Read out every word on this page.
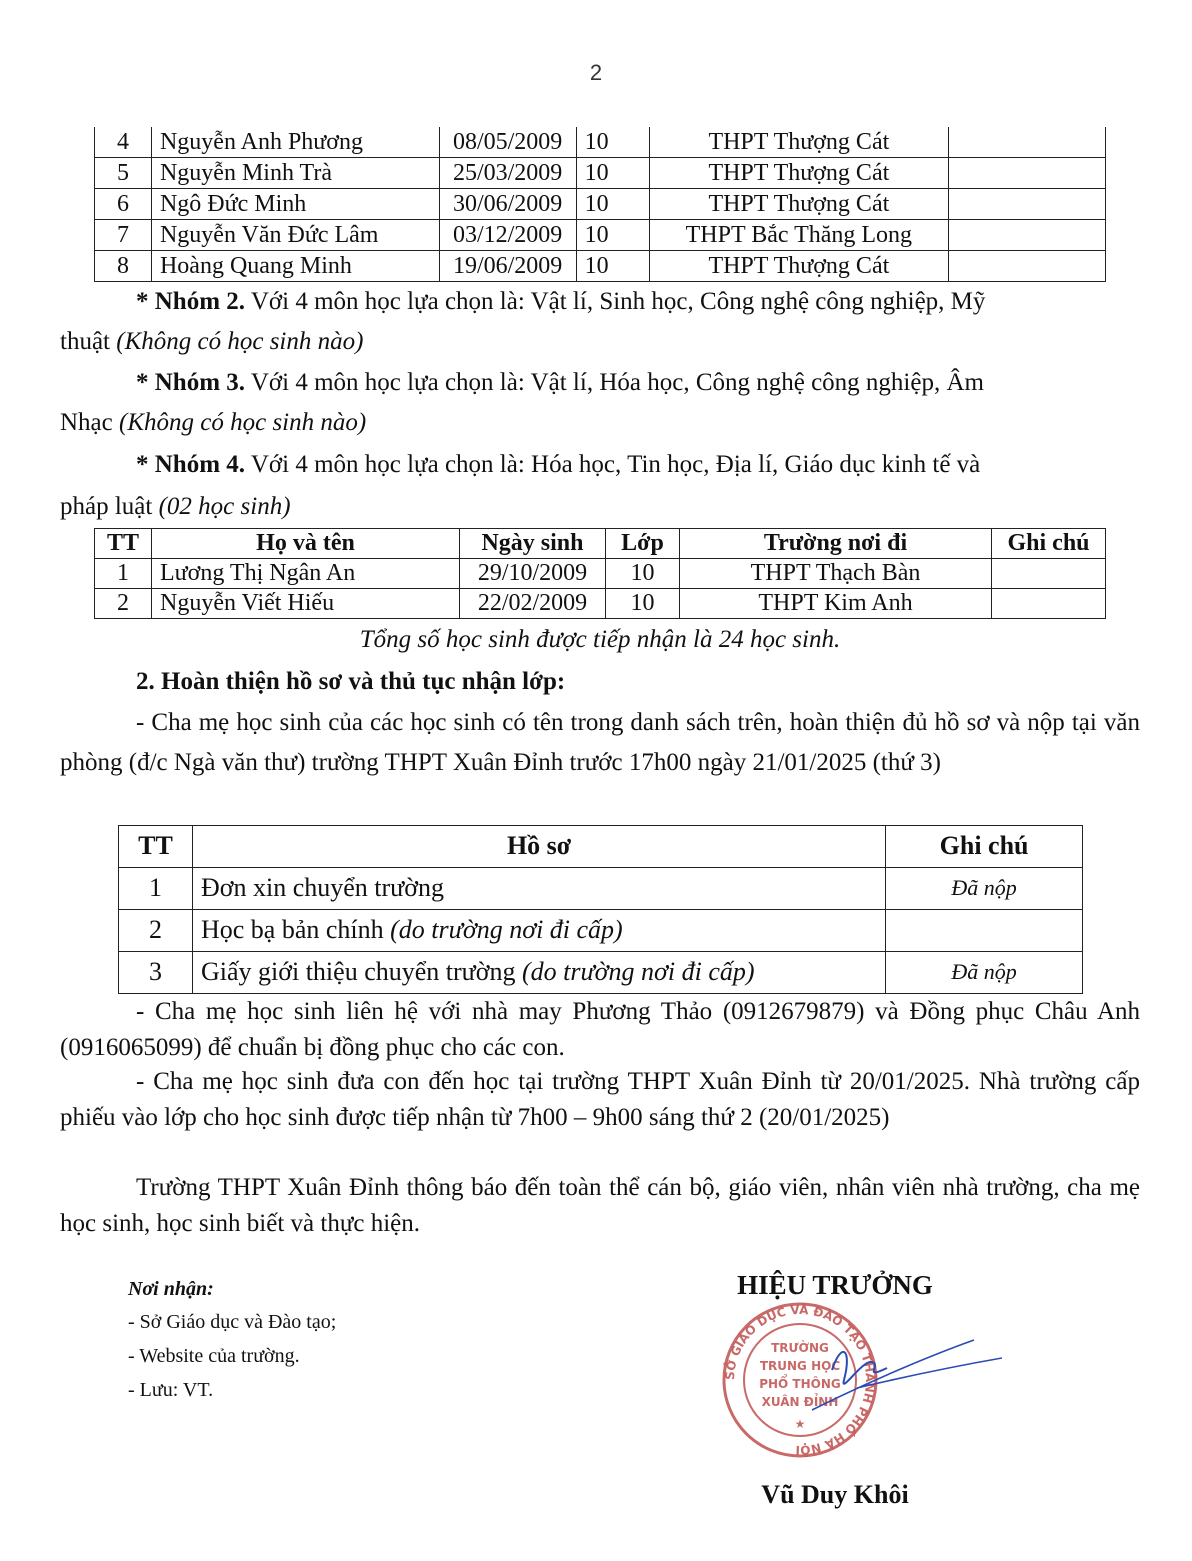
2
4	Nguyễn Anh Phương	08/05/2009	10	THPT Thượng Cát	
5	Nguyễn Minh Trà	25/03/2009	10	THPT Thượng Cát	
6	Ngô Đức Minh	30/06/2009	10	THPT Thượng Cát	
7	Nguyễn Văn Đức Lâm	03/12/2009	10	THPT Bắc Thăng Long	
8	Hoàng Quang Minh	19/06/2009	10	THPT Thượng Cát	

* Nhóm 2. Với 4 môn học lựa chọn là: Vật lí, Sinh học, Công nghệ công nghiệp, Mỹ

thuật (Không có học sinh nào)

* Nhóm 3. Với 4 môn học lựa chọn là: Vật lí, Hóa học, Công nghệ công nghiệp, Âm

Nhạc (Không có học sinh nào)

* Nhóm 4. Với 4 môn học lựa chọn là: Hóa học, Tin học, Địa lí, Giáo dục kinh tế và

pháp luật (02 học sinh)

TT	Họ và tên	Ngày sinh	Lớp	Trường nơi đi	Ghi chú
1	Lương Thị Ngân An	29/10/2009	10	THPT Thạch Bàn	
2	Nguyễn Viết Hiếu	22/02/2009	10	THPT Kim Anh	

Tổng số học sinh được tiếp nhận là 24 học sinh.

2. Hoàn thiện hồ sơ và thủ tục nhận lớp:

- Cha mẹ học sinh của các học sinh có tên trong danh sách trên, hoàn thiện đủ hồ sơ và nộp tại văn phòng (đ/c Ngà văn thư) trường THPT Xuân Đỉnh trước 17h00 ngày 21/01/2025 (thứ 3)

TT	Hồ sơ	Ghi chú
1	Đơn xin chuyển trường	Đã nộp
2	Học bạ bản chính (do trường nơi đi cấp)	
3	Giấy giới thiệu chuyển trường (do trường nơi đi cấp)	Đã nộp

- Cha mẹ học sinh liên hệ với nhà may Phương Thảo (0912679879) và Đồng phục Châu Anh (0916065099) để chuẩn bị đồng phục cho các con.

- Cha mẹ học sinh đưa con đến học tại trường THPT Xuân Đỉnh từ 20/01/2025. Nhà trường cấp phiếu vào lớp cho học sinh được tiếp nhận từ 7h00 – 9h00 sáng thứ 2 (20/01/2025)

Trường THPT Xuân Đỉnh thông báo đến toàn thể cán bộ, giáo viên, nhân viên nhà trường, cha mẹ học sinh, học sinh biết và thực hiện.

Nơi nhận:

- Sở Giáo dục và Đào tạo;

- Website của trường.

- Lưu: VT.

HIỆU TRƯỞNG
SỞ GIÁO DỤC VÀ ĐÀO TẠO THÀNH PHỐ HÀ NỘI
TRƯỜNG
TRUNG HỌC
PHỔ THÔNG
XUÂN ĐỈNH
★
Vũ Duy Khôi
